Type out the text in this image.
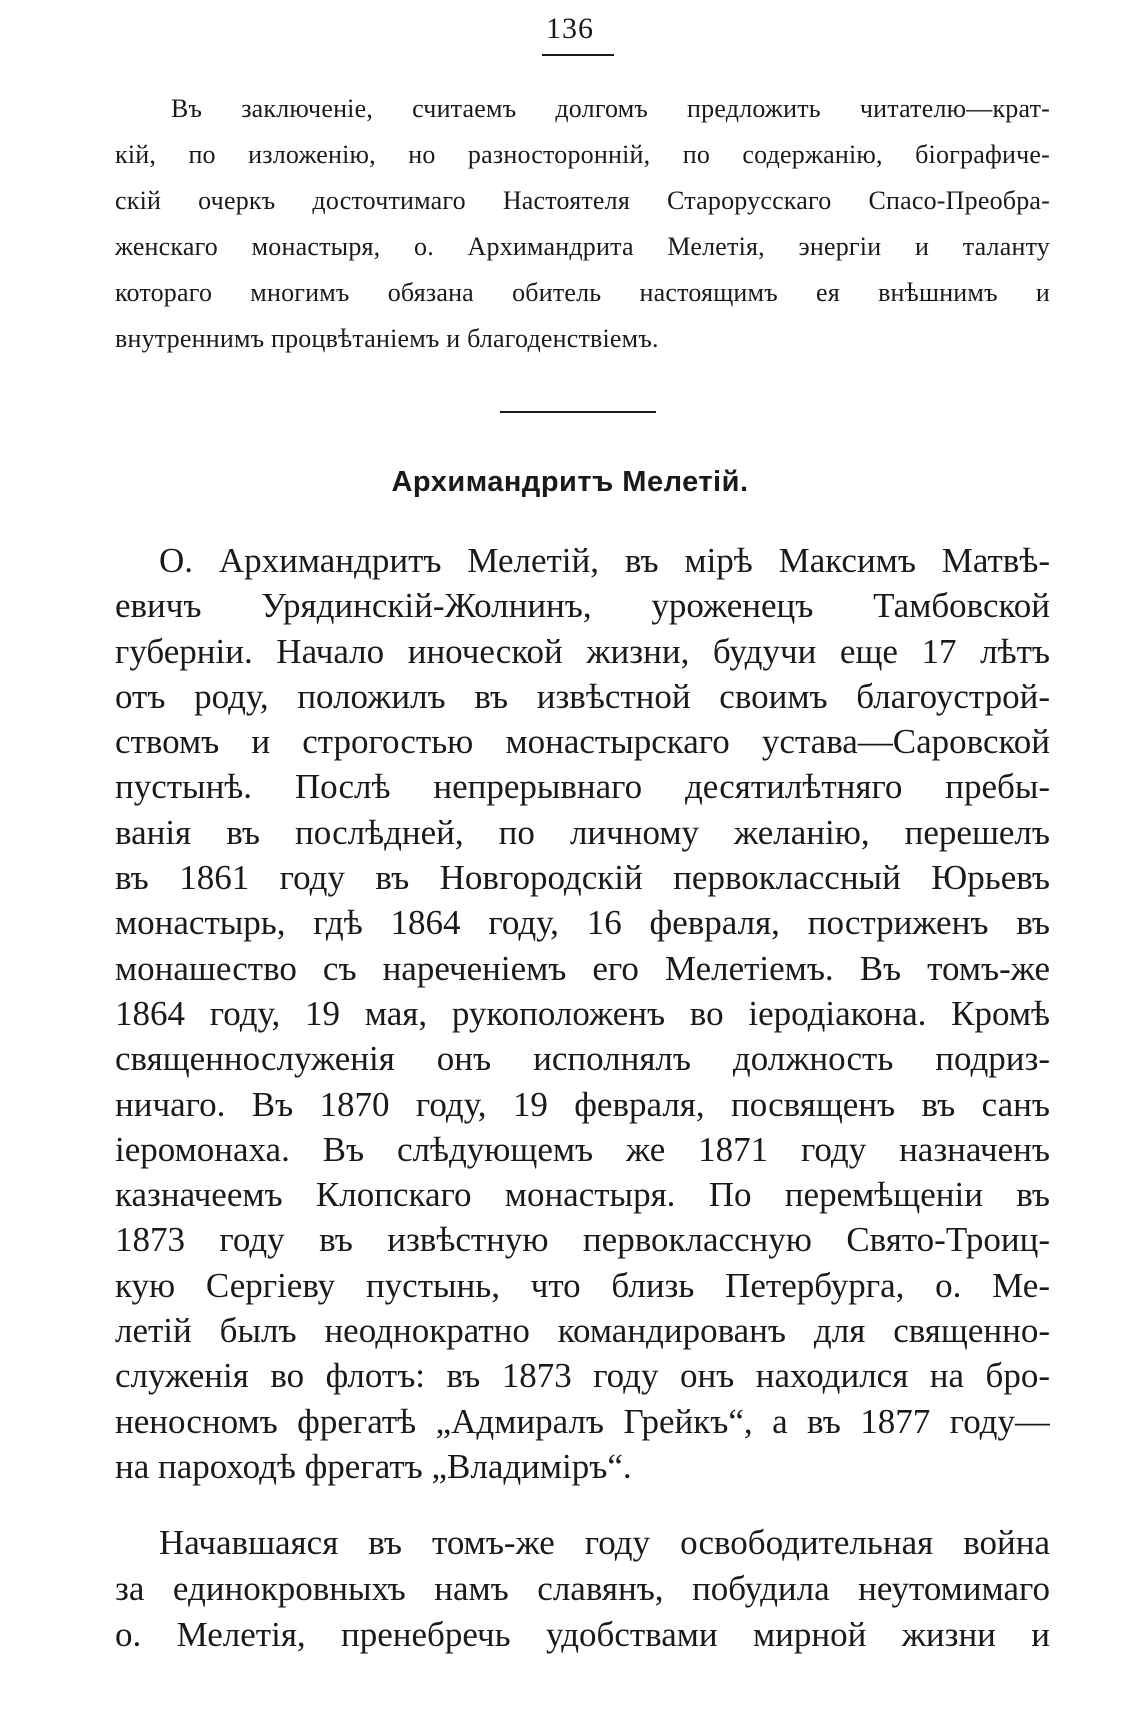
136
Въ заключеніе, считаемъ долгомъ предложить читателю—крат-
кій, по изложенію, но разносторонній, по содержанію, біографиче-
скій очеркъ досточтимаго Настоятеля Старорусскаго Спасо-Преобра-
женскаго монастыря, о. Архимандрита Мелетія, энергіи и таланту
котораго многимъ обязана обитель настоящимъ ея внѣшнимъ и
внутреннимъ процвѣтаніемъ и благоденствіемъ.
Архимандритъ Мелетій.
О. Архимандритъ Мелетій, въ мірѣ Максимъ Матвѣ-
евичъ Урядинскій-Жолнинъ, уроженецъ Тамбовской
губерніи. Начало иноческой жизни, будучи еще 17 лѣтъ
отъ роду, положилъ въ извѣстной своимъ благоустрой-
ствомъ и строгостью монастырскаго устава—Саровской
пустынѣ. Послѣ непрерывнаго десятилѣтняго пребы-
ванія въ послѣдней, по личному желанію, перешелъ
въ 1861 году въ Новгородскій первоклассный Юрьевъ
монастырь, гдѣ 1864 году, 16 февраля, постриженъ въ
монашество съ нареченіемъ его Мелетіемъ. Въ томъ-же
1864 году, 19 мая, рукоположенъ во іеродіакона. Кромѣ
священнослуженія онъ исполнялъ должность подриз-
ничаго. Въ 1870 году, 19 февраля, посвященъ въ санъ
іеромонаха. Въ слѣдующемъ же 1871 году назначенъ
казначеемъ Клопскаго монастыря. По перемѣщеніи въ
1873 году въ извѣстную первоклассную Свято-Троиц-
кую Сергіеву пустынь, что близь Петербурга, о. Ме-
летій былъ неоднократно командированъ для священно-
служенія во флотъ: въ 1873 году онъ находился на бро-
неносномъ фрегатѣ „Адмиралъ Грейкъ“, а въ 1877 году—
на пароходѣ фрегатъ „Владиміръ“.
Начавшаяся въ томъ-же году освободительная война
за единокровныхъ намъ славянъ, побудила неутомимаго
о. Мелетія, пренебречь удобствами мирной жизни и
